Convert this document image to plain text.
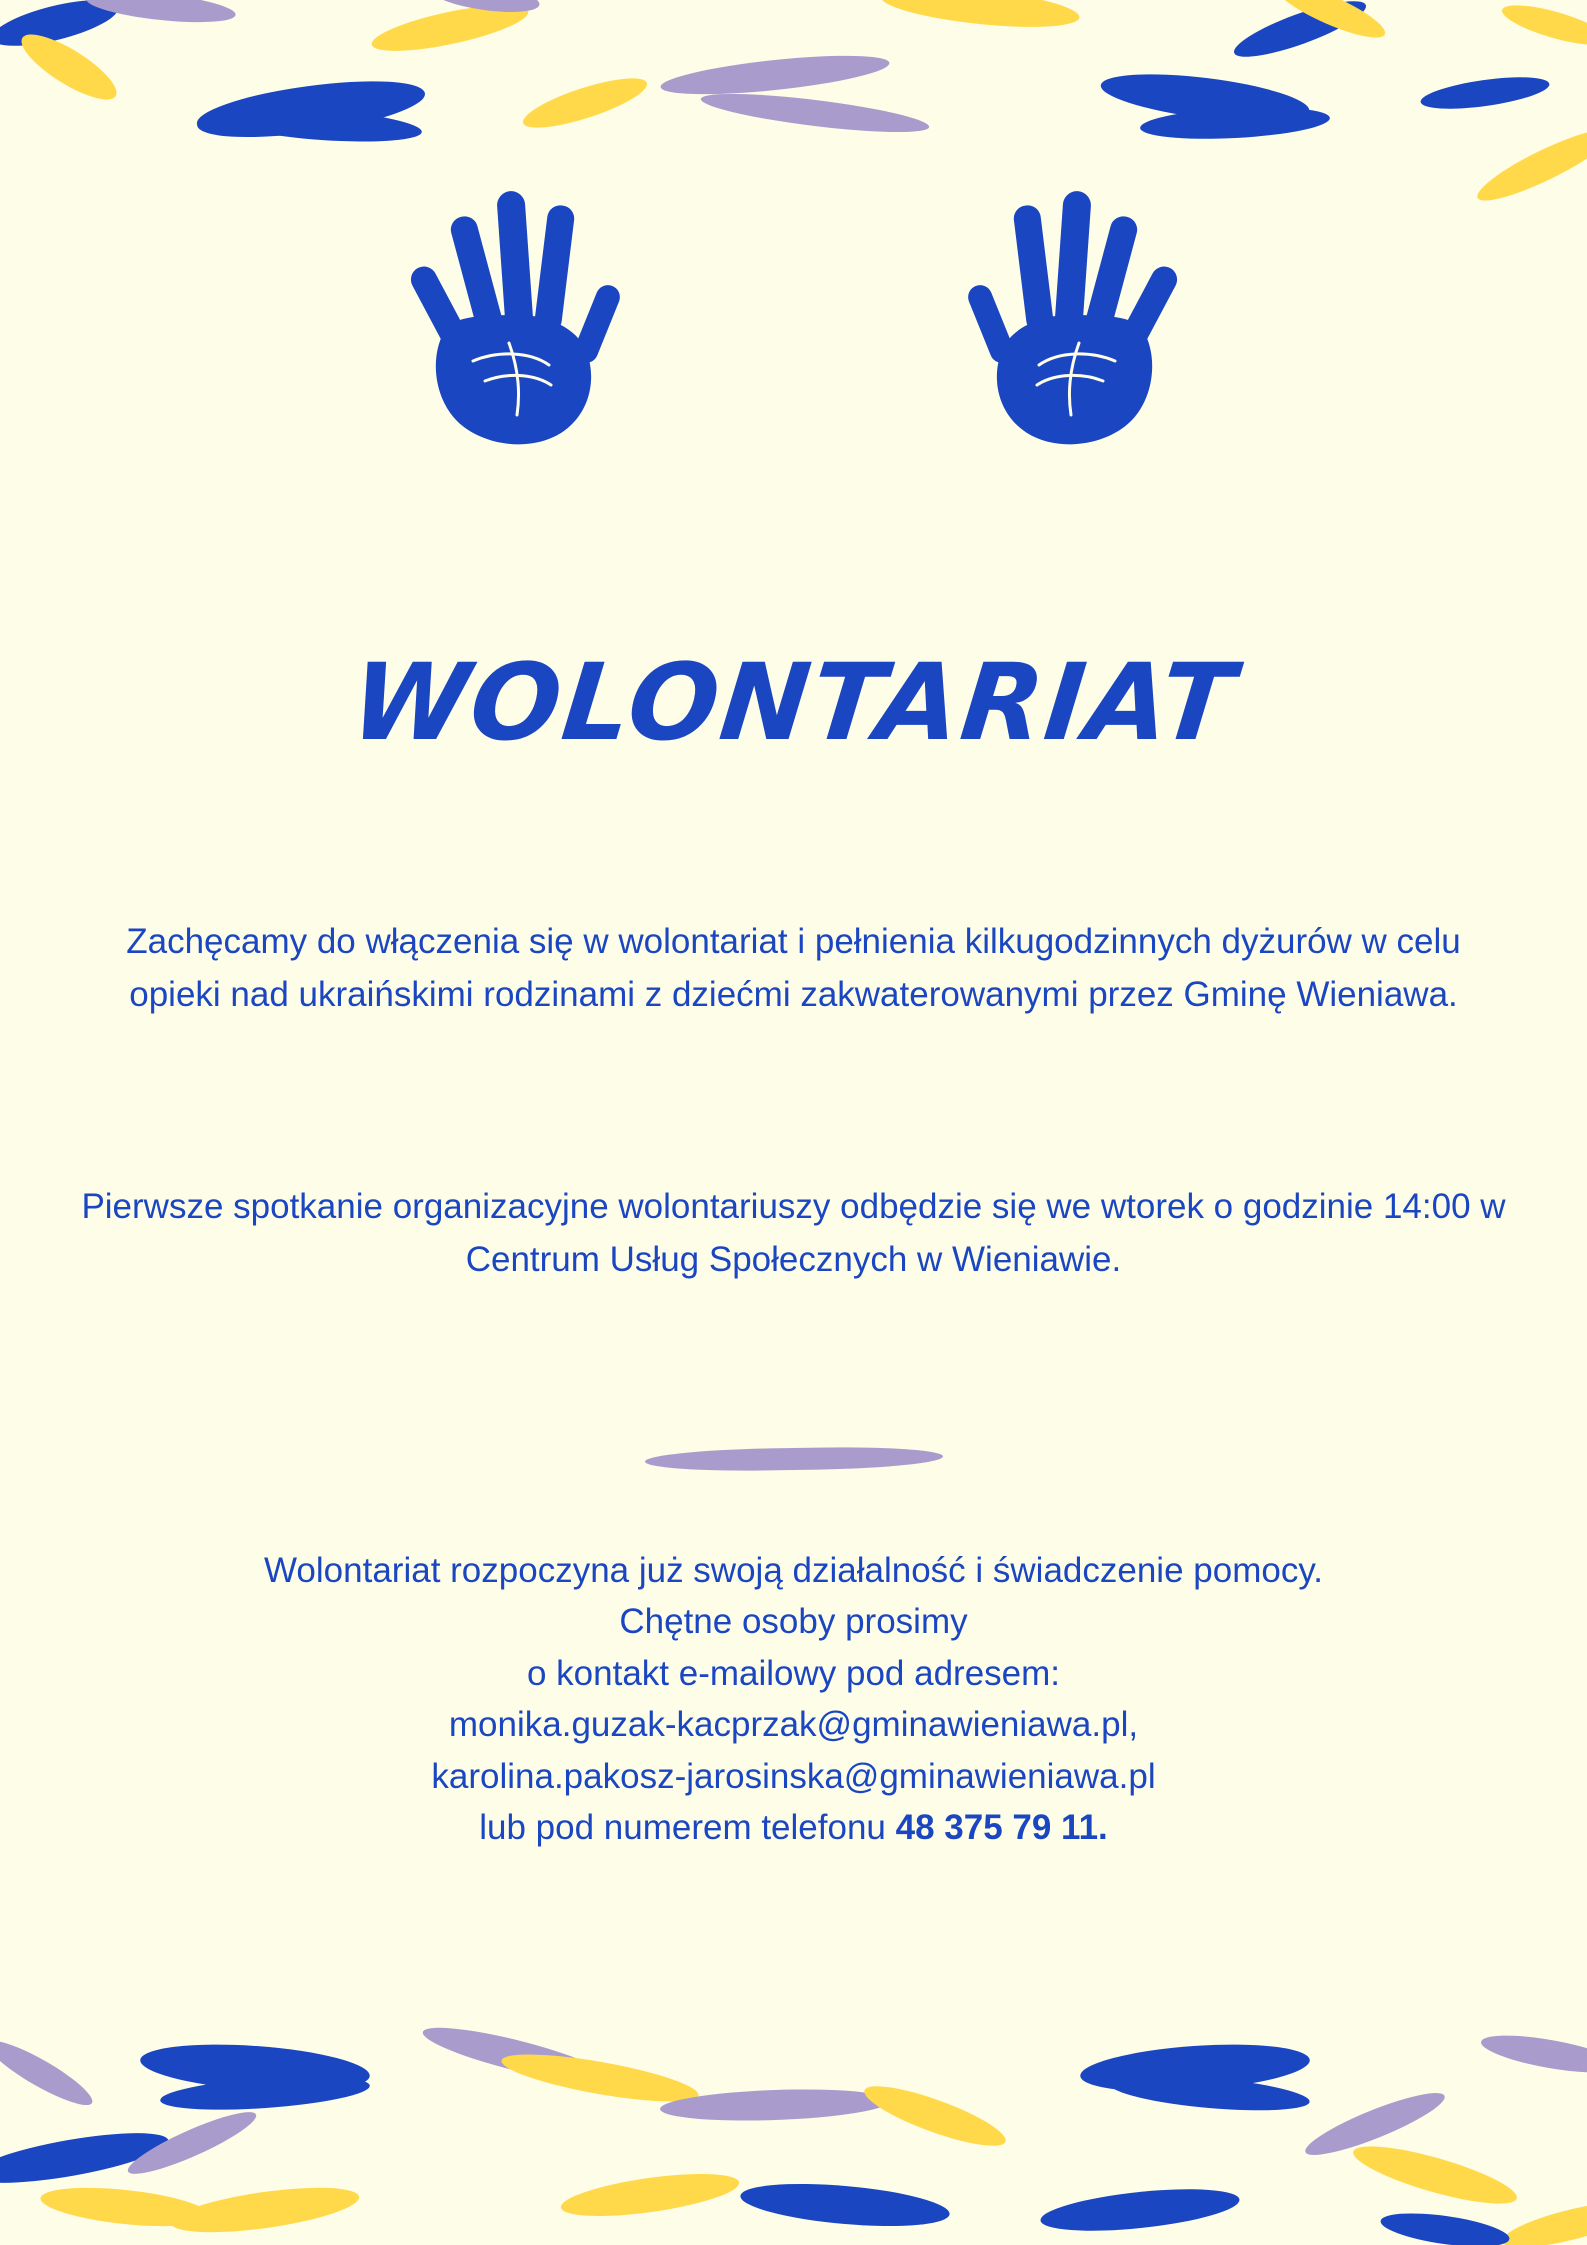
WOLONTARIAT

Zachęcamy do włączenia się w wolontariat i pełnienia kilkugodzinnych dyżurów w celu opieki nad ukraińskimi rodzinami z dziećmi zakwaterowanymi przez Gminę Wieniawa.

Pierwsze spotkanie organizacyjne wolontariuszy odbędzie się we wtorek o godzinie 14:00 w Centrum Usług Społecznych w Wieniawie.

Wolontariat rozpoczyna już swoją działalność i świadczenie pomocy.
Chętne osoby prosimy
o kontakt e-mailowy pod adresem:
monika.guzak-kacprzak@gminawieniawa.pl,
karolina.pakosz-jarosinska@gminawieniawa.pl
lub pod numerem telefonu 48 375 79 11.
